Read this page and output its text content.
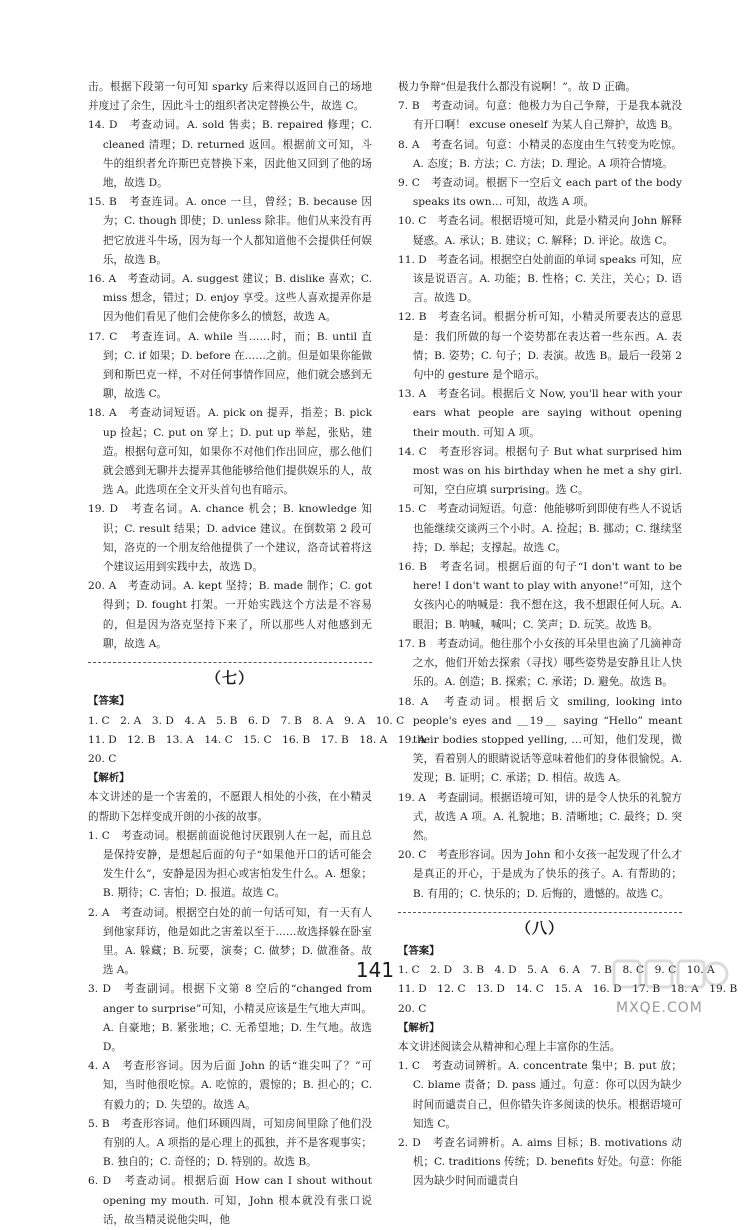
击。根据下段第一句可知 sparky 后来得以返回自己的场地并度过了余生，因此斗士的组织者决定替换公牛，故选 C。

14. D　考查动词。A. sold 售卖；B. repaired 修理；C. cleaned 清理；D. returned 返回。根据前文可知，斗牛的组织者允许斯巴克替换下来，因此他又回到了他的场地，故选 D。

15. B　考查连词。A. once 一旦，曾经；B. because 因为；C. though 即使；D. unless 除非。他们从来没有再把它放进斗牛场，因为每一个人都知道他不会提供任何娱乐，故选 B。

16. A　考查动词。A. suggest 建议；B. dislike 喜欢；C. miss 想念，错过；D. enjoy 享受。这些人喜欢提弄你是因为他们看见了他们会使你多么的愤怒，故选 A。

17. C　考查连词。A. while 当……时，而；B. until 直到；C. if 如果；D. before 在……之前。但是如果你能做到和斯巴克一样，不对任何事情作回应，他们就会感到无聊，故选 C。

18. A　考查动词短语。A. pick on 提弄，指差；B. pick up 捡起；C. put on 穿上；D. put up 举起，张贴，建造。根据句意可知，如果你不对他们作出回应，那么他们就会感到无聊并去提弄其他能够给他们提供娱乐的人，故选 A。此选项在全文开头首句也有暗示。

19. D　考查名词。A. chance 机会；B. knowledge 知识；C. result 结果；D. advice 建议。在倒数第 2 段可知，洛克的一个朋友给他提供了一个建议，洛奇试着将这个建议运用到实践中去，故选 D。

20. A　考查动词。A. kept 坚持；B. made 制作；C. got 得到；D. fought 打架。一开始实践这个方法是不容易的，但是因为洛克坚持下来了，所以那些人对他感到无聊，故选 A。

（七）

【答案】

1. C　2. A　3. D　4. A　5. B　6. D　7. B　8. A　9. A　10. C

11. D　12. B　13. A　14. C　15. C　16. B　17. B　18. A　19. A

20. C

【解析】

本文讲述的是一个害羞的，不愿跟人相处的小孩，在小精灵的帮助下怎样变成开朗的小孩的故事。

1. C　考查动词。根据前面说他讨厌跟别人在一起，而且总是保持安静，是想起后面的句子“如果他开口的话可能会发生什么”，安静是因为担心或害怕发生什么。A. 想象；B. 期待；C. 害怕；D. 报道。故选 C。

2. A　考查动词。根据空白处的前一句话可知，有一天有人到他家拜访，他是如此之害羞以至于……故选择躲在卧室里。A. 躲藏；B. 玩要，演奏；C. 做梦；D. 做准备。故选 A。

3. D　考查副词。根据下文第 8 空后的“changed from anger to surprise”可知，小精灵应该是生气地大声叫。A. 自豪地；B. 紧张地；C. 无希望地；D. 生气地。故选 D。

4. A　考查形容词。因为后面 John 的话“谁尖叫了？”可知，当时他很吃惊。A. 吃惊的，震惊的；B. 担心的；C. 有毅力的；D. 失望的。故选 A。

5. B　考查形容词。他们环顾四周，可知房间里除了他们没有别的人。A 项指的是心理上的孤独，并不是客观事实；B. 独自的；C. 奇怪的；D. 特别的。故选 B。

6. D　考查动词。根据后面 How can I shout without opening my mouth. 可知，John 根本就没有张口说话，故当精灵说他尖叫，他

极力争辩“但是我什么都没有说啊！”。故 D 正确。

7. B　考查动词。句意：他极力为自己争辩，于是我本就没有开口啊！ excuse oneself 为某人自己辩护，故选 B。

8. A　考查名词。句意：小精灵的态度由生气转变为吃惊。A. 态度；B. 方法；C. 方法；D. 理论。A 项符合情境。

9. C　考查动词。根据下一空后文 each part of the body speaks its own… 可知，故选 A 项。

10. C　考查名词。根据语境可知，此是小精灵向 John 解释疑惑。A. 承认；B. 建议；C. 解释；D. 评论。故选 C。

11. D　考查名词。根据空白处前面的单词 speaks 可知，应该是说语言。A. 功能；B. 性格；C. 关注，关心；D. 语言。故选 D。

12. B　考查名词。根据分析可知，小精灵所要表达的意思是：我们所做的每一个姿势都在表达着一些东西。A. 表情；B. 姿势；C. 句子；D. 表演。故选 B。最后一段第 2 句中的 gesture 是个暗示。

13. A　考查名词。根据后文 Now, you'll hear with your ears what people are saying without opening their mouth. 可知 A 项。

14. C　考查形容词。根据句子 But what surprised him most was on his birthday when he met a shy girl. 可知，空白应填 surprising。选 C。

15. C　考查动词短语。句意：他能够听到即使有些人不说话也能继续交谈两三个小时。A. 捡起；B. 挪动；C. 继续坚持；D. 举起；支撑起。故选 C。

16. B　考查名词。根据后面的句子“I don't want to be here! I don't want to play with anyone!”可知，这个女孩内心的呐喊是：我不想在这，我不想跟任何人玩。A. 眼泪；B. 呐喊，喊叫；C. 笑声；D. 玩笑。故选 B。

17. B　考查动词。他往那个小女孩的耳朵里也滴了几滴神奇之水，他们开始去探索（寻找）哪些姿势是安静且让人快乐的。A. 创造；B. 探索；C. 承诺；D. 避免。故选 B。

18. A　考查动词。根据后文 smiling, looking into people's eyes and ＿19＿ saying “Hello” meant their bodies stopped yelling, …可知，他们发现，微笑，看着别人的眼睛说话等意味着他们的身体很愉悦。A. 发现；B. 证明；C. 承诺；D. 相信。故选 A。

19. A　考查副词。根据语境可知，讲的是令人快乐的礼貌方式，故选 A 项。A. 礼貌地；B. 清晰地；C. 最终；D. 突然。

20. C　考查形容词。因为 John 和小女孩一起发现了什么才是真正的开心，于是成为了快乐的孩子。A. 有帮助的；B. 有用的；C. 快乐的；D. 后悔的，遗憾的。故选 C。

（八）

【答案】

1. C　2. D　3. B　4. D　5. A　6. A　7. B　8. C　9. C　10. A

11. D　12. C　13. D　14. C　15. A　16. D　17. B　18. A　19. B

20. C

【解析】

本文讲述阅读会从精神和心理上丰富你的生活。

1. C　考查动词辨析。A. concentrate 集中；B. put 放；C. blame 责备；D. pass 通过。句意：你可以因为缺少时间而谴责自己，但你错失许多阅读的快乐。根据语境可知选 C。

2. D　考查名词辨析。A. aims 目标；B. motivations 动机；C. traditions 传统；D. benefits 好处。句意：你能因为缺少时间而谴责自

141
MXQE.COM
